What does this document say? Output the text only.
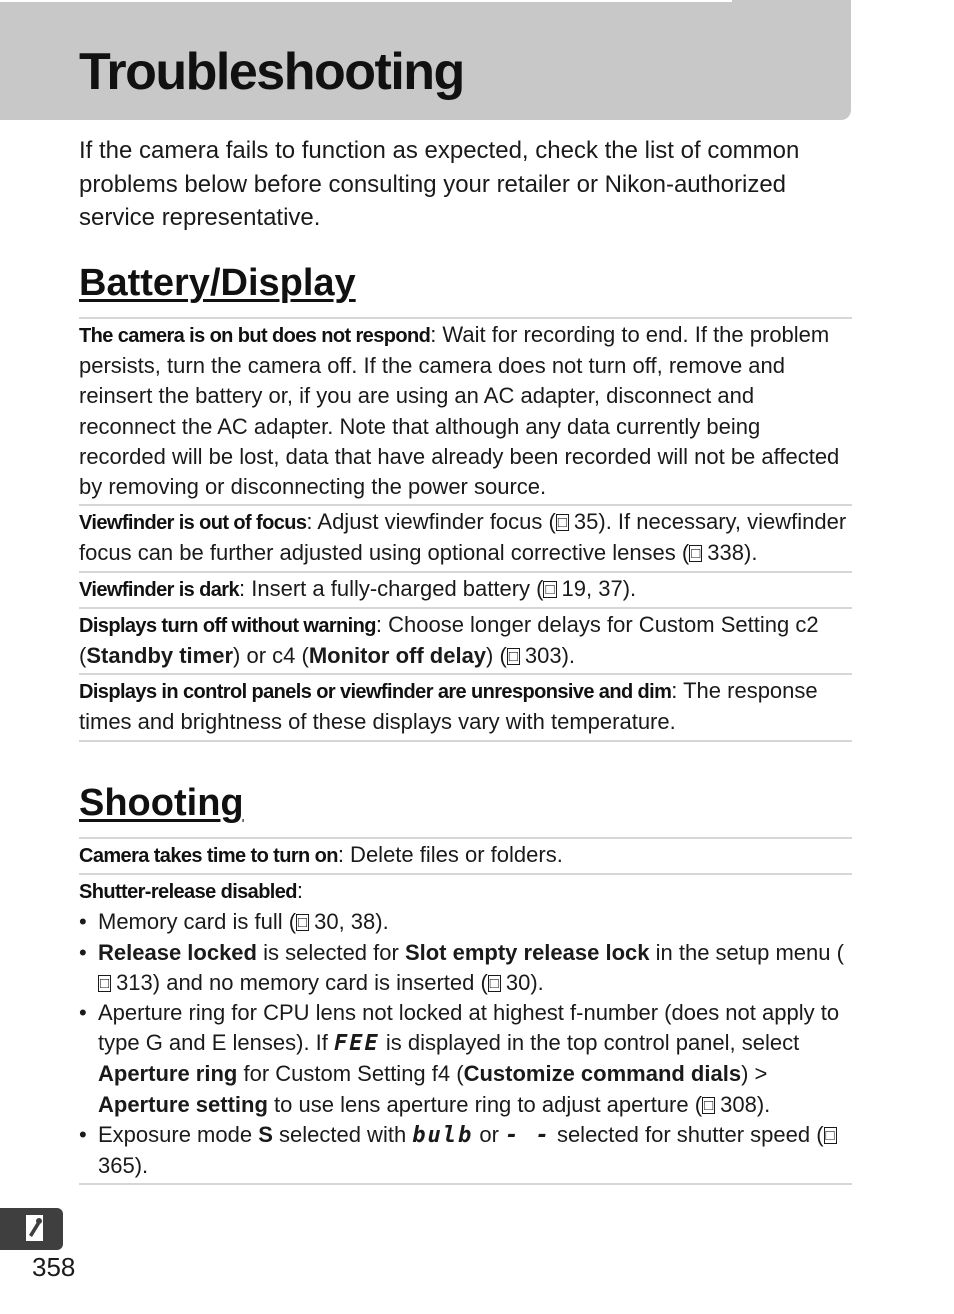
Troubleshooting

If the camera fails to function as expected, check the list of common problems below before consulting your retailer or Nikon-authorized service representative.

Battery/Display
The camera is on but does not respond: Wait for recording to end. If the problem persists, turn the camera off. If the camera does not turn off, remove and reinsert the battery or, if you are using an AC adapter, disconnect and reconnect the AC adapter. Note that although any data currently being recorded will be lost, data that have already been recorded will not be affected by removing or disconnecting the power source.
Viewfinder is out of focus: Adjust viewfinder focus ( □ 35). If necessary, viewfinder focus can be further adjusted using optional corrective lenses ( □ 338).
Viewfinder is dark: Insert a fully-charged battery ( □ 19, 37).
Displays turn off without warning: Choose longer delays for Custom Setting c2 (Standby timer) or c4 (Monitor off delay) ( □ 303).
Displays in control panels or viewfinder are unresponsive and dim: The response times and brightness of these displays vary with temperature.
Shooting
Camera takes time to turn on: Delete files or folders.
Shutter-release disabled:
• Memory card is full ( □ 30, 38).
• Release locked is selected for Slot empty release lock in the setup menu (□ 313) and no memory card is inserted ( □ 30).
• Aperture ring for CPU lens not locked at highest f-number (does not apply to type G and E lenses). If FEE is displayed in the top control panel, select Aperture ring for Custom Setting f4 (Customize command dials) > Aperture setting to use lens aperture ring to adjust aperture ( □ 308).
• Exposure mode S selected with bulb or - - selected for shutter speed ( □365).
358
